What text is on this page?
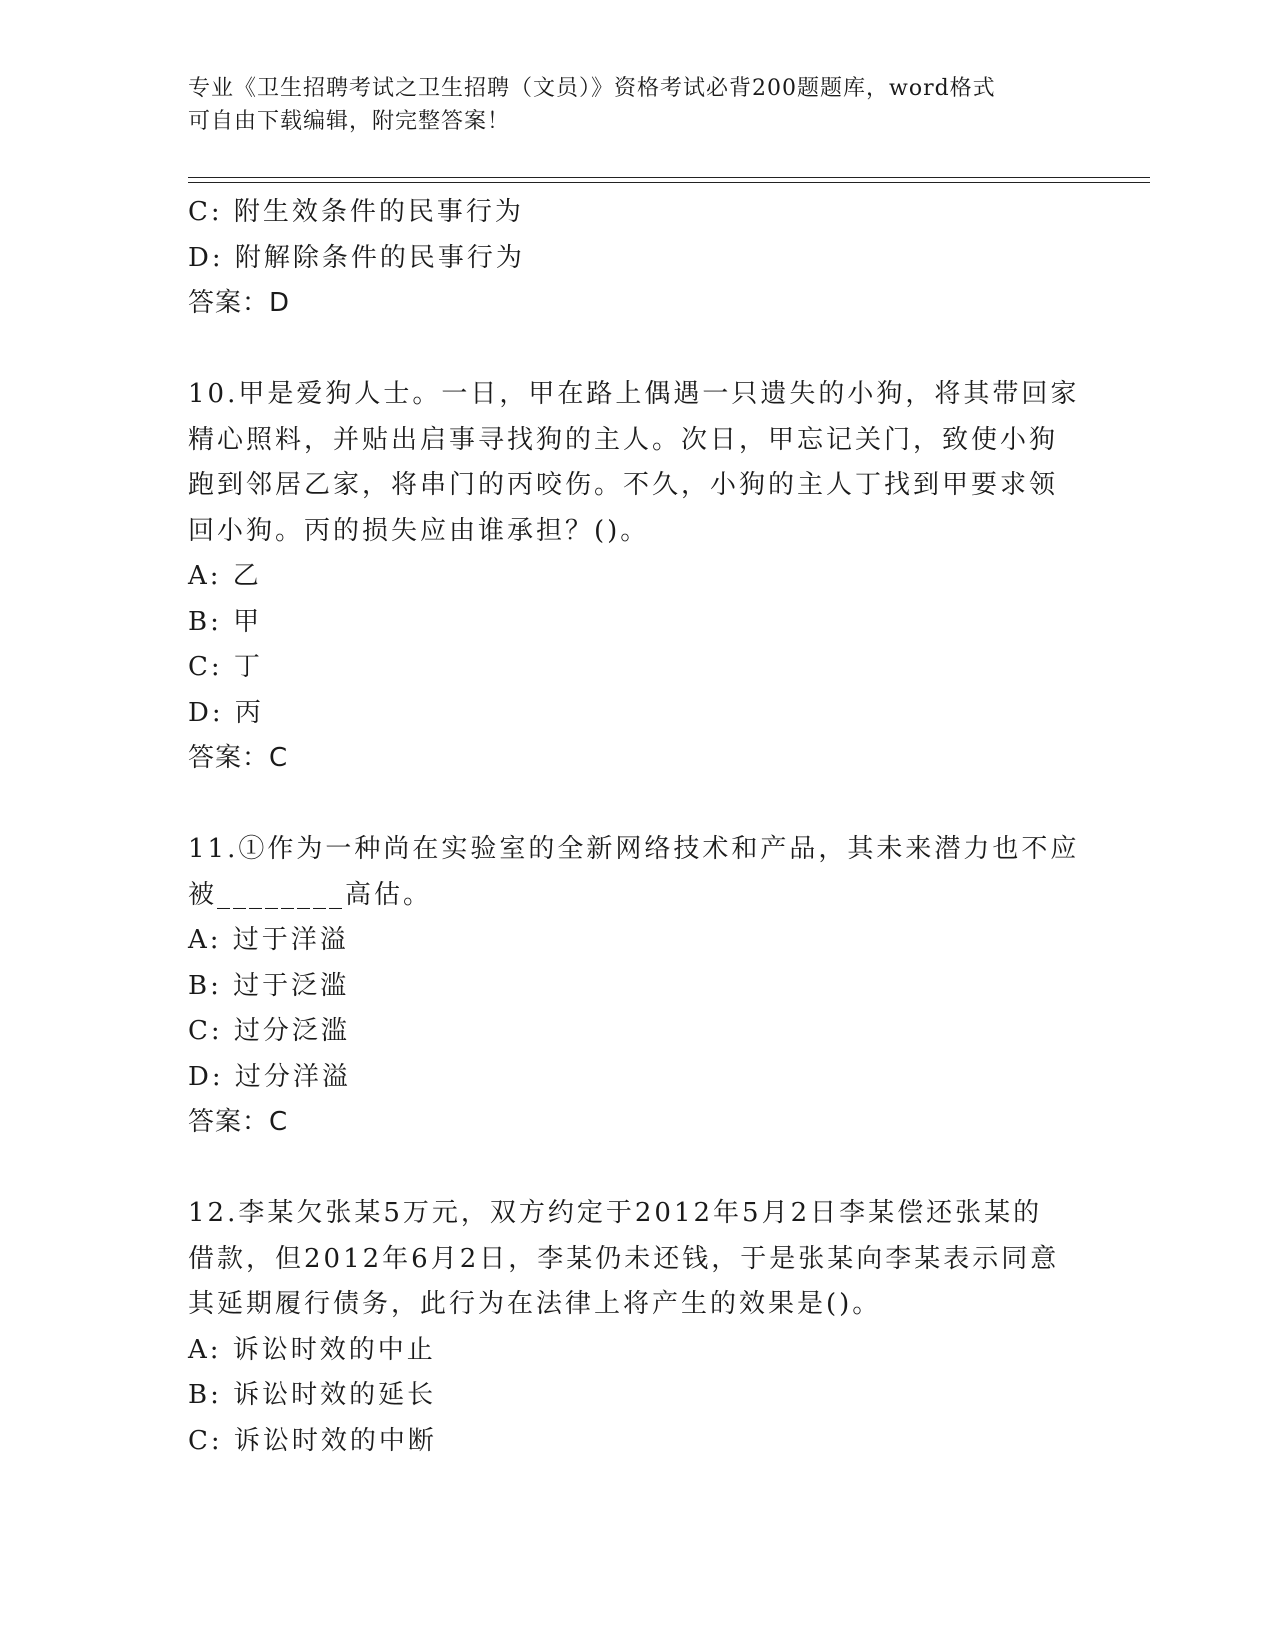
专业《卫生招聘考试之卫生招聘（文员）》资格考试必背200题题库，word格式
可自由下载编辑，附完整答案！
C: 附生效条件的民事行为
D: 附解除条件的民事行为
答案：D
10.甲是爱狗人士。一日，甲在路上偶遇一只遗失的小狗，将其带回家
精心照料，并贴出启事寻找狗的主人。次日，甲忘记关门，致使小狗
跑到邻居乙家，将串门的丙咬伤。不久，小狗的主人丁找到甲要求领
回小狗。丙的损失应由谁承担？()。
A: 乙
B: 甲
C: 丁
D: 丙
答案：C
11.①作为一种尚在实验室的全新网络技术和产品，其未来潜力也不应
被________高估。
A: 过于洋溢
B: 过于泛滥
C: 过分泛滥
D: 过分洋溢
答案：C
12.李某欠张某5万元，双方约定于2012年5月2日李某偿还张某的
借款，但2012年6月2日，李某仍未还钱，于是张某向李某表示同意
其延期履行债务，此行为在法律上将产生的效果是()。
A: 诉讼时效的中止
B: 诉讼时效的延长
C: 诉讼时效的中断
